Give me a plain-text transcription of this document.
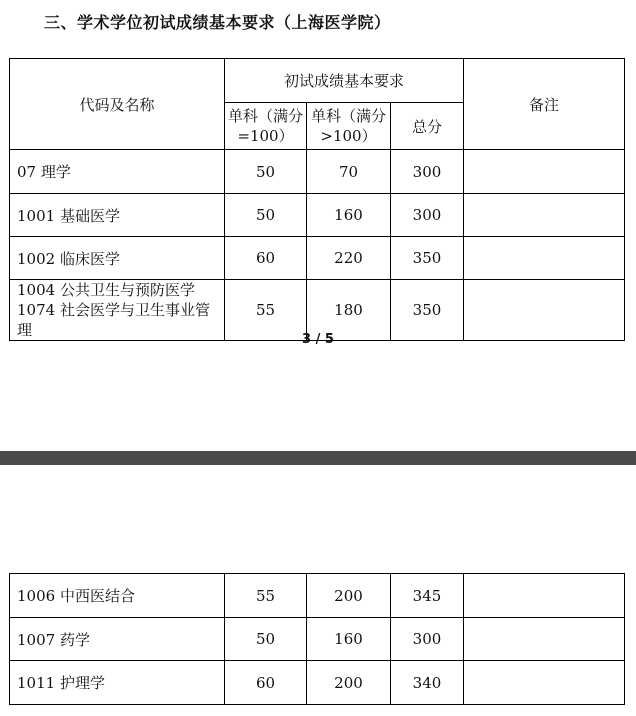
三、学术学位初试成绩基本要求（上海医学院）
代码及名称	初试成绩基本要求			备注
	单科（满分=100）	单科（满分>100）	总分	
07 理学	50	70	300	
1001 基础医学	50	160	300	
1002 临床医学	60	220	350	

1004 公共卫生与预防医学
1074 社会医学与卫生事业管理	55	180	350	
3 / 5
1006 中西医结合	55	200	345	
1007 药学	50	160	300	
1011 护理学	60	200	340	
